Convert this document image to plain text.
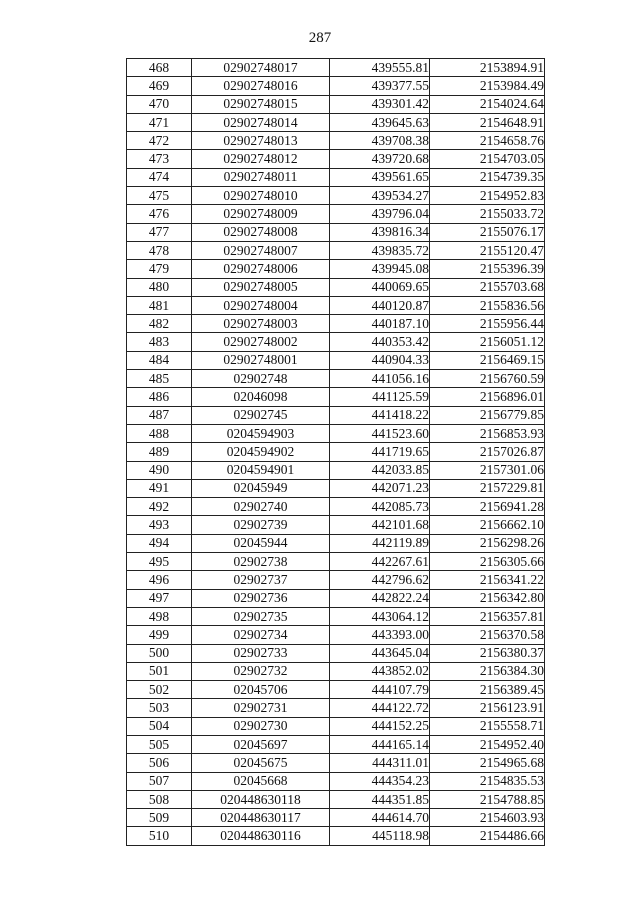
287
468	02902748017	439555.81	2153894.91
469	02902748016	439377.55	2153984.49
470	02902748015	439301.42	2154024.64
471	02902748014	439645.63	2154648.91
472	02902748013	439708.38	2154658.76
473	02902748012	439720.68	2154703.05
474	02902748011	439561.65	2154739.35
475	02902748010	439534.27	2154952.83
476	02902748009	439796.04	2155033.72
477	02902748008	439816.34	2155076.17
478	02902748007	439835.72	2155120.47
479	02902748006	439945.08	2155396.39
480	02902748005	440069.65	2155703.68
481	02902748004	440120.87	2155836.56
482	02902748003	440187.10	2155956.44
483	02902748002	440353.42	2156051.12
484	02902748001	440904.33	2156469.15
485	02902748	441056.16	2156760.59
486	02046098	441125.59	2156896.01
487	02902745	441418.22	2156779.85
488	0204594903	441523.60	2156853.93
489	0204594902	441719.65	2157026.87
490	0204594901	442033.85	2157301.06
491	02045949	442071.23	2157229.81
492	02902740	442085.73	2156941.28
493	02902739	442101.68	2156662.10
494	02045944	442119.89	2156298.26
495	02902738	442267.61	2156305.66
496	02902737	442796.62	2156341.22
497	02902736	442822.24	2156342.80
498	02902735	443064.12	2156357.81
499	02902734	443393.00	2156370.58
500	02902733	443645.04	2156380.37
501	02902732	443852.02	2156384.30
502	02045706	444107.79	2156389.45
503	02902731	444122.72	2156123.91
504	02902730	444152.25	2155558.71
505	02045697	444165.14	2154952.40
506	02045675	444311.01	2154965.68
507	02045668	444354.23	2154835.53
508	020448630118	444351.85	2154788.85
509	020448630117	444614.70	2154603.93
510	020448630116	445118.98	2154486.66
